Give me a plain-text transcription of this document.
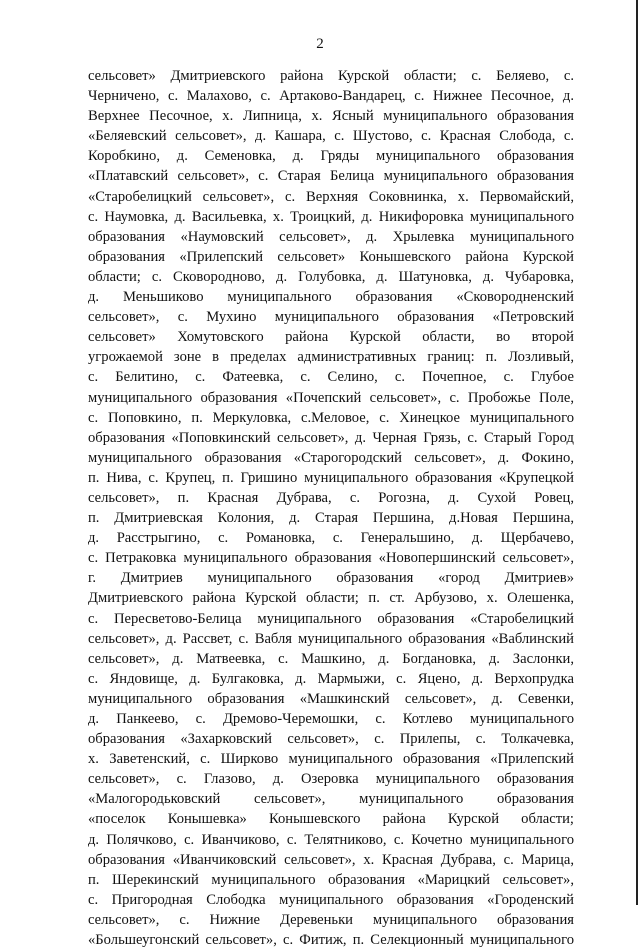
2
сельсовет» Дмитриевского района Курской области; с. Беляево, с.
Черничено, с. Малахово, с. Артаково-Вандарец, с. Нижнее Песочное, д.
Верхнее Песочное, х. Липница, х. Ясный муниципального образования
«Беляевский сельсовет», д. Кашара, с. Шустово, с. Красная Слобода, с.
Коробкино, д. Семеновка, д. Гряды муниципального образования
«Платавский сельсовет», с. Старая Белица муниципального образования
«Старобелицкий сельсовет», с. Верхняя Соковнинка, х. Первомайский,
с. Наумовка, д. Васильевка, х. Троицкий, д. Никифоровка муниципального
образования «Наумовский сельсовет», д. Хрылевка муниципального
образования «Прилепский сельсовет» Конышевского района Курской
области; с. Сковородново, д. Голубовка, д. Шатуновка, д. Чубаровка,
д. Меньшиково муниципального образования «Сковородненский
сельсовет», с. Мухино муниципального образования «Петровский
сельсовет» Хомутовского района Курской области, во второй
угрожаемой зоне в пределах административных границ: п. Лозливый,
с. Белитино, с. Фатеевка, с. Селино, с. Почепное, с. Глубое
муниципального образования «Почепский сельсовет», с. Пробожье Поле,
с. Поповкино, п. Меркуловка, с.Меловое, с. Хинецкое муниципального
образования «Поповкинский сельсовет», д. Черная Грязь, с. Старый Город
муниципального образования «Старогородский сельсовет», д. Фокино,
п. Нива, с. Крупец, п. Гришино муниципального образования «Крупецкой
сельсовет», п. Красная Дубрава, с. Рогозна, д. Сухой Ровец,
п. Дмитриевская Колония, д. Старая Першина, д.Новая Першина,
д. Расстрыгино, с. Романовка, с. Генеральшино, д. Щербачево,
с. Петраковка муниципального образования «Новопершинский сельсовет»,
г. Дмитриев муниципального образования «город Дмитриев»
Дмитриевского района Курской области; п. ст. Арбузово, х. Олешенка,
с. Пересветово-Белица муниципального образования «Старобелицкий
сельсовет», д. Рассвет, с. Вабля муниципального образования «Ваблинский
сельсовет», д. Матвеевка, с. Машкино, д. Богдановка, д. Заслонки,
с. Яндовище, д. Булгаковка, д. Мармыжи, с. Яцено, д. Верхопрудка
муниципального образования «Машкинский сельсовет», д. Севенки,
д. Панкеево, с. Дремово-Черемошки, с. Котлево муниципального
образования «Захарковский сельсовет», с. Прилепы, с. Толкачевка,
х. Заветенский, с. Ширково муниципального образования «Прилепский
сельсовет», с. Глазово, д. Озеровка муниципального образования
«Малогородьковский сельсовет», муниципального образования
«поселок Конышевка» Конышевского района Курской области;
д. Полячково, с. Иванчиково, с. Телятниково, с. Кочетно муниципального
образования «Иванчиковский сельсовет», х. Красная Дубрава, с. Марица,
п. Шерекинский муниципального образования «Марицкий сельсовет»,
с. Пригородная Слободка муниципального образования «Городенский
сельсовет», с. Нижние Деревеньки муниципального образования
«Большеугонский сельсовет», с. Фитиж, п. Селекционный муниципального
